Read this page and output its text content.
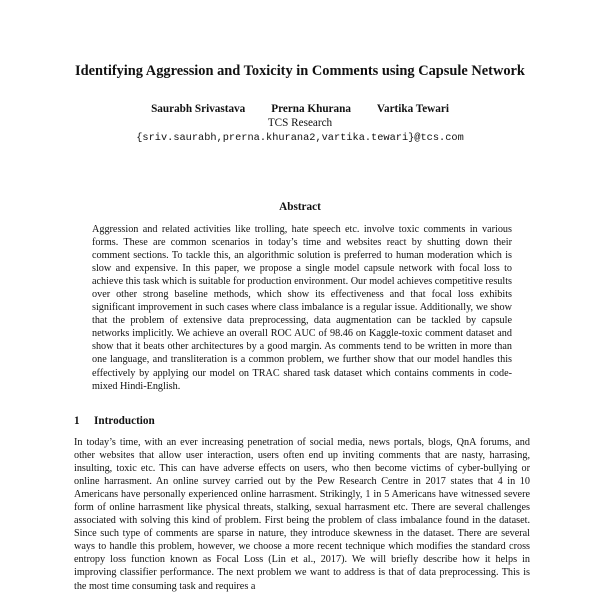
Identifying Aggression and Toxicity in Comments using Capsule Network
Saurabh Srivastava Prerna Khurana Vartika Tewari
TCS Research
{sriv.saurabh,prerna.khurana2,vartika.tewari}@tcs.com
Abstract

Aggression and related activities like trolling, hate speech etc. involve toxic comments in various forms. These are common scenarios in today’s time and websites react by shutting down their comment sections. To tackle this, an algorithmic solution is preferred to human moderation which is slow and expensive. In this paper, we propose a single model capsule network with focal loss to achieve this task which is suitable for production environment. Our model achieves competitive results over other strong baseline methods, which show its effectiveness and that focal loss exhibits significant improvement in such cases where class imbalance is a regular issue. Additionally, we show that the problem of extensive data preprocessing, data augmentation can be tackled by capsule networks implicitly. We achieve an overall ROC AUC of 98.46 on Kaggle-toxic comment dataset and show that it beats other architectures by a good margin. As comments tend to be written in more than one language, and transliteration is a common problem, we further show that our model handles this effectively by applying our model on TRAC shared task dataset which contains comments in code-mixed Hindi-English.

1 Introduction

In today’s time, with an ever increasing penetration of social media, news portals, blogs, QnA forums, and other websites that allow user interaction, users often end up inviting comments that are nasty, harrasing, insulting, toxic etc. This can have adverse effects on users, who then become victims of cyber-bullying or online harrasment. An online survey carried out by the Pew Research Centre in 2017 states that 4 in 10 Americans have personally experienced online harrasment. Strikingly, 1 in 5 Americans have witnessed severe form of online harrasment like physical threats, stalking, sexual harrasment etc. There are several challenges associated with solving this kind of problem. First being the problem of class imbalance found in the dataset. Since such type of comments are sparse in nature, they introduce skewness in the dataset. There are several ways to handle this problem, however, we choose a more recent technique which modifies the standard cross entropy loss function known as Focal Loss (Lin et al., 2017). We will briefly describe how it helps in improving classifier performance. The next problem we want to address is that of data preprocessing. This is the most time consuming task and requires a
